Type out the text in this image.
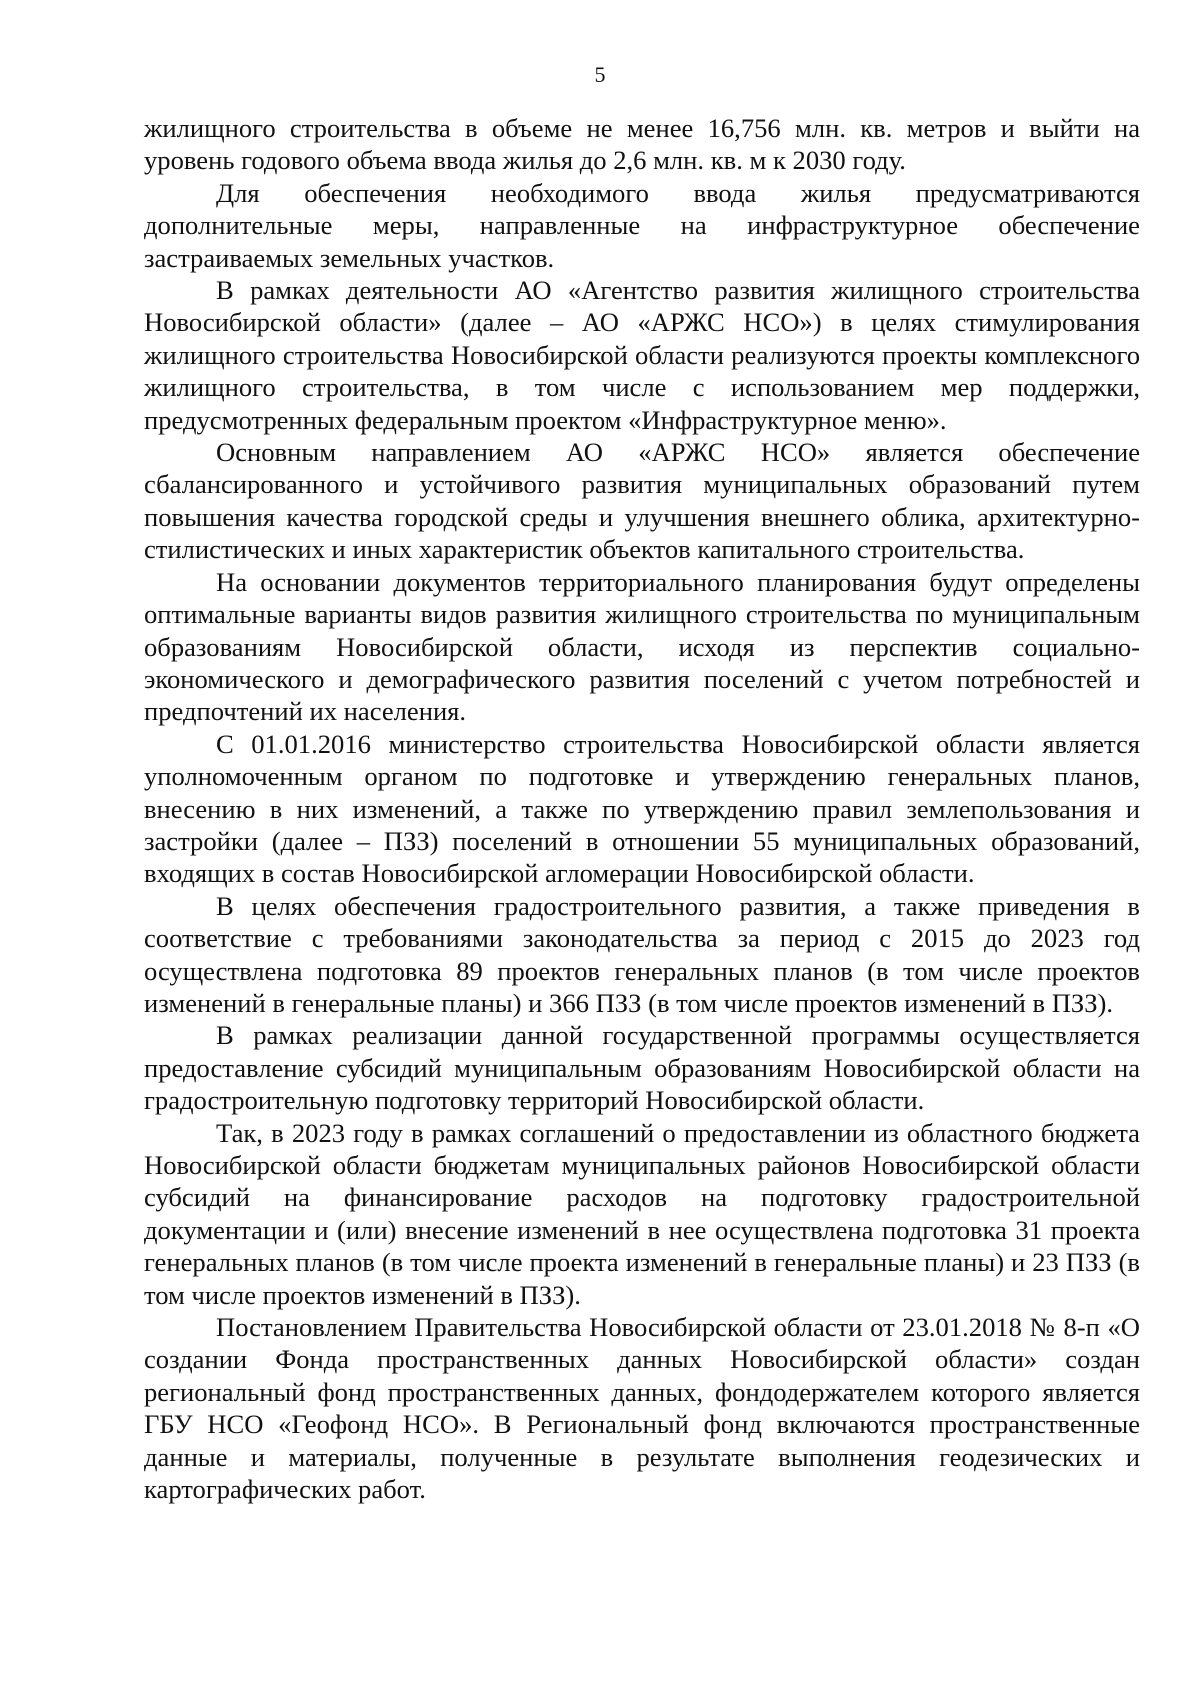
5

жилищного строительства в объеме не менее 16,756 млн. кв. метров и выйти на уровень годового объема ввода жилья до 2,6 млн. кв. м к 2030 году.

Для обеспечения необходимого ввода жилья предусматриваются дополнительные меры, направленные на инфраструктурное обеспечение застраиваемых земельных участков.

В рамках деятельности АО «Агентство развития жилищного строительства Новосибирской области» (далее – АО «АРЖС НСО») в целях стимулирования жилищного строительства Новосибирской области реализуются проекты комплексного жилищного строительства, в том числе с использованием мер поддержки, предусмотренных федеральным проектом «Инфраструктурное меню».

Основным направлением АО «АРЖС НСО» является обеспечение сбалансированного и устойчивого развития муниципальных образований путем повышения качества городской среды и улучшения внешнего облика, архитектурно-стилистических и иных характеристик объектов капитального строительства.

На основании документов территориального планирования будут определены оптимальные варианты видов развития жилищного строительства по муниципальным образованиям Новосибирской области, исходя из перспектив социально-экономического и демографического развития поселений с учетом потребностей и предпочтений их населения.

С 01.01.2016 министерство строительства Новосибирской области является уполномоченным органом по подготовке и утверждению генеральных планов, внесению в них изменений, а также по утверждению правил землепользования и застройки (далее – ПЗЗ) поселений в отношении 55 муниципальных образований, входящих в состав Новосибирской агломерации Новосибирской области.

В целях обеспечения градостроительного развития, а также приведения в соответствие с требованиями законодательства за период с 2015 до 2023 год осуществлена подготовка 89 проектов генеральных планов (в том числе проектов изменений в генеральные планы) и 366 ПЗЗ (в том числе проектов изменений в ПЗЗ).

В рамках реализации данной государственной программы осуществляется предоставление субсидий муниципальным образованиям Новосибирской области на градостроительную подготовку территорий Новосибирской области.

Так, в 2023 году в рамках соглашений о предоставлении из областного бюджета Новосибирской области бюджетам муниципальных районов Новосибирской области субсидий на финансирование расходов на подготовку градостроительной документации и (или) внесение изменений в нее осуществлена подготовка 31 проекта генеральных планов (в том числе проекта изменений в генеральные планы) и 23 ПЗЗ (в том числе проектов изменений в ПЗЗ).

Постановлением Правительства Новосибирской области от 23.01.2018 № 8-п «О создании Фонда пространственных данных Новосибирской области» создан региональный фонд пространственных данных, фондодержателем которого является ГБУ НСО «Геофонд НСО». В Региональный фонд включаются пространственные данные и материалы, полученные в результате выполнения геодезических и картографических работ.
